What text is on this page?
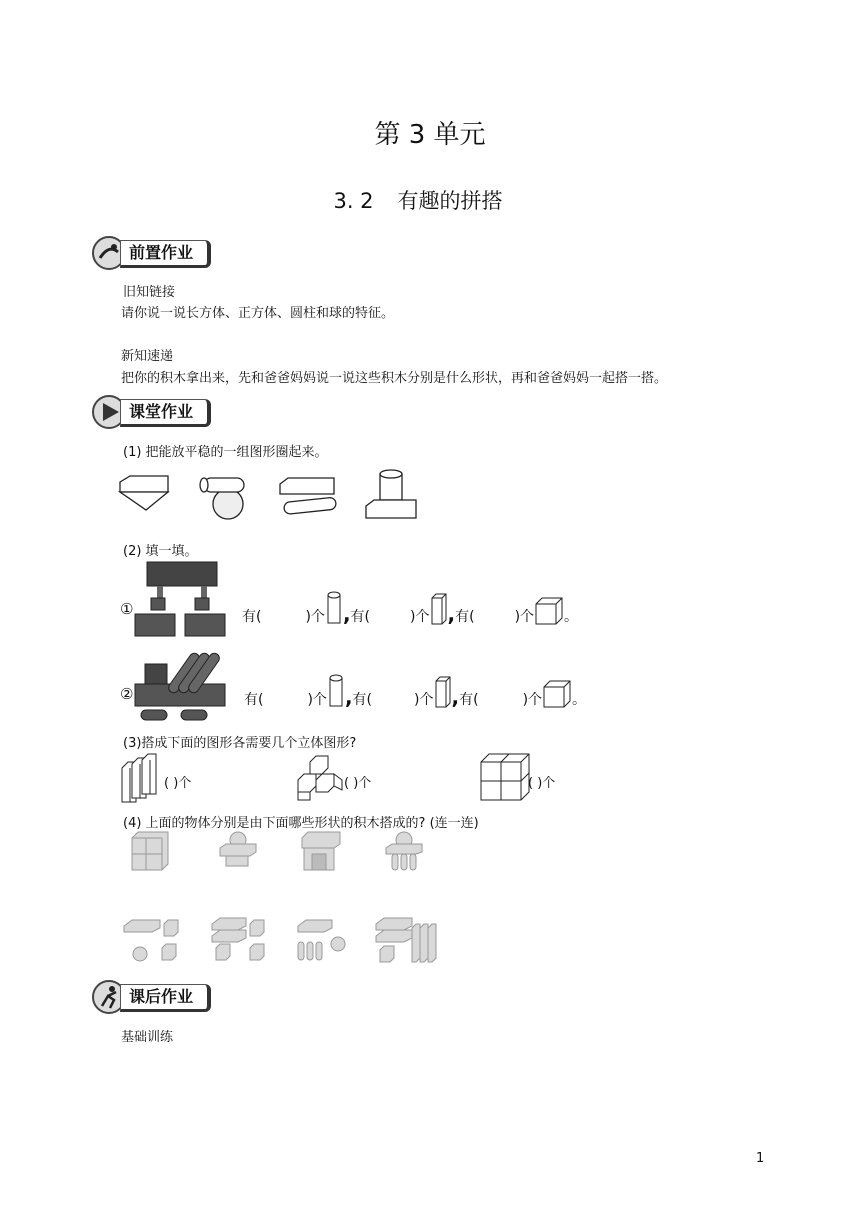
第 3 单元
3. 2 有趣的拼搭
前置作业
旧知链接
请你说一说长方体、正方体、圆柱和球的特征。
新知速递
把你的积木拿出来，先和爸爸妈妈说一说这些积木分别是什么形状，再和爸爸妈妈一起搭一搭。
课堂作业
(1) 把能放平稳的一组图形圈起来。
(2) 填一填。
①	有(	)个 , 有(	)个 , 有(	)个 。
②	有(	)个 , 有(	)个 , 有(	)个 。
(3)搭成下面的图形各需要几个立体图形?
( )个	( )个	( )个
(4) 上面的物体分别是由下面哪些形状的积木搭成的? (连一连)
课后作业
基础训练
1
